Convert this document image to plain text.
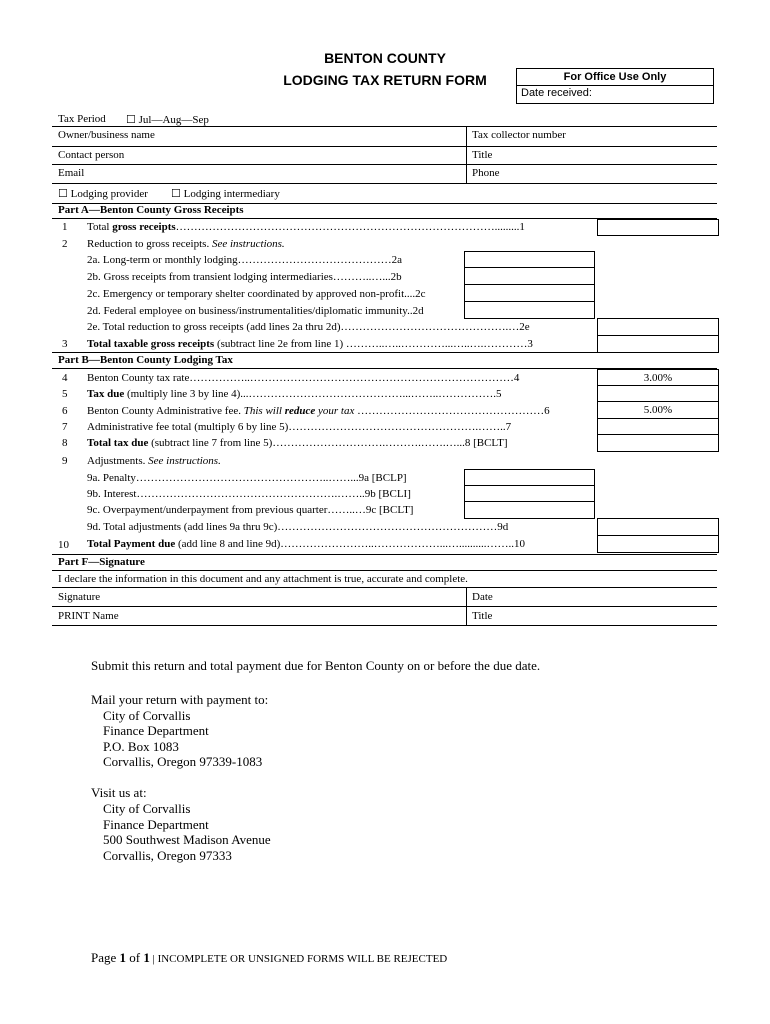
BENTON COUNTY
LODGING TAX RETURN FORM	For Office Use Only
Date received:
Tax Period ☐ Jul—Aug—Sep
Owner/business name	Tax collector number
Contact person	Title
Email	Phone
☐ Lodging provider ☐ Lodging intermediary
Part A—Benton County Gross Receipts
1 Total gross receipts…………………………………………………………………………….........1
2 Reduction to gross receipts. See instructions.
2a. Long-term or monthly lodging……………………………………2a
2b. Gross receipts from transient lodging intermediaries………..…...2b
2c. Emergency or temporary shelter coordinated by approved non-profit....2c
2d. Federal employee on business/instrumentalities/diplomatic immunity..2d
2e. Total reduction to gross receipts (add lines 2a thru 2d)……………………………………….…2e
3 Total taxable gross receipts (subtract line 2e from line 1) ………..…..…………...…..….…………3
Part B—Benton County Lodging Tax
4 Benton County tax rate……………..………………………………………………………………4	3.00%
5 Tax due (multiply line 3 by line 4)...……………………………………...……..…………….5
6 Benton County Administrative fee. This will reduce your tax ……………………………………………6	5.00%
7 Administrative fee total (multiply 6 by line 5)…………………………………………….……..7
8 Total tax due (subtract line 7 from line 5)………………………….……….…….…...8 [BCLT]
9 Adjustments. See instructions.
9a. Penalty……………………………………………..……...9a [BCLP]
9b. Interest……………………………………………….……..9b [BCLI]
9c. Overpayment/underpayment from previous quarter……..…9c [BCLT]
9d. Total adjustments (add lines 9a thru 9c)……………………………………………………9d
10 Total Payment due (add line 8 and line 9d)……………………..………………...…..........……..10
Part F—Signature
I declare the information in this document and any attachment is true, accurate and complete.
Signature	Date
PRINT Name	Title
Submit this return and total payment due for Benton County on or before the due date.
Mail your return with payment to:
City of Corvallis
Finance Department
P.O. Box 1083
Corvallis, Oregon 97339-1083
Visit us at:
City of Corvallis
Finance Department
500 Southwest Madison Avenue
Corvallis, Oregon 97333
Page 1 of 1 | INCOMPLETE OR UNSIGNED FORMS WILL BE REJECTED
